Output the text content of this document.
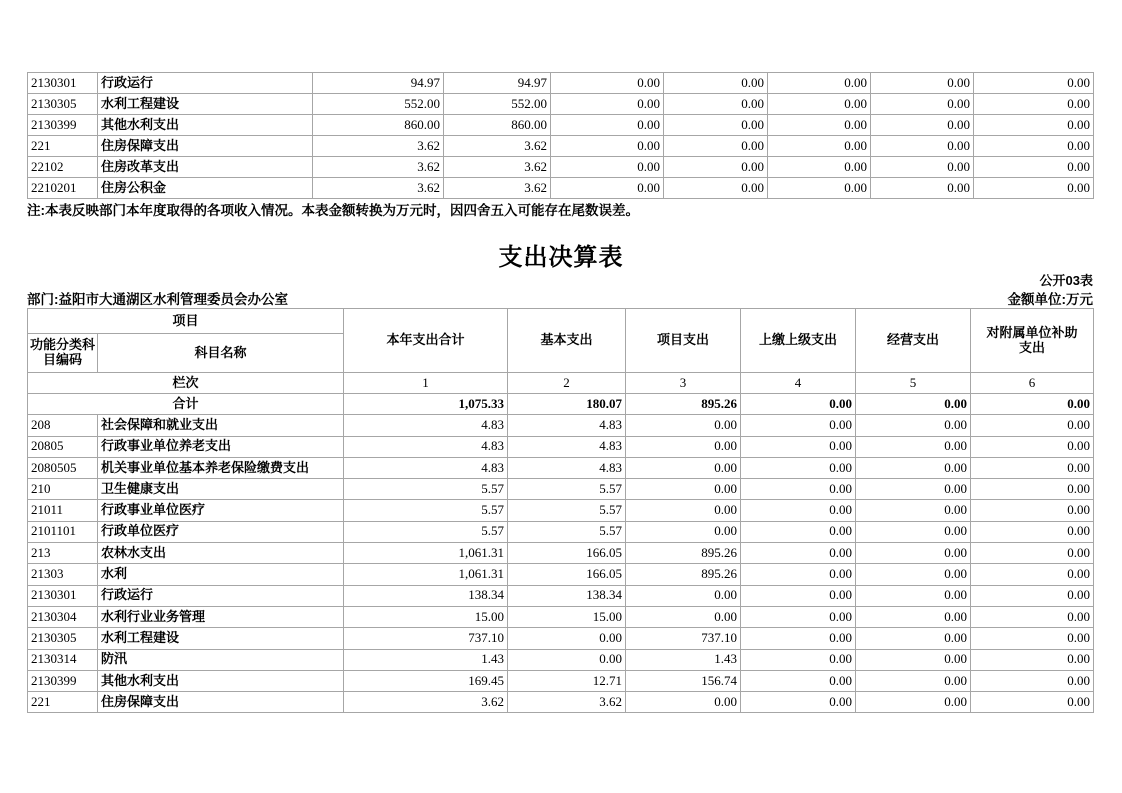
2130301	行政运行	94.97	94.97	0.00	0.00	0.00	0.00	0.00
2130305	水利工程建设	552.00	552.00	0.00	0.00	0.00	0.00	0.00
2130399	其他水利支出	860.00	860.00	0.00	0.00	0.00	0.00	0.00
221	住房保障支出	3.62	3.62	0.00	0.00	0.00	0.00	0.00
22102	住房改革支出	3.62	3.62	0.00	0.00	0.00	0.00	0.00
2210201	住房公积金	3.62	3.62	0.00	0.00	0.00	0.00	0.00
注:本表反映部门本年度取得的各项收入情况。本表金额转换为万元时，因四舍五入可能存在尾数误差。
支出决算表
公开03表
部门:益阳市大通湖区水利管理委员会办公室	金额单位:万元
项目		本年支出合计	基本支出	项目支出	上缴上级支出	经营支出	对附属单位补助支出
功能分类科目编码	科目名称						
栏次		1	2	3	4	5	6
合计		1,075.33	180.07	895.26	0.00	0.00	0.00
208	社会保障和就业支出	4.83	4.83	0.00	0.00	0.00	0.00
20805	行政事业单位养老支出	4.83	4.83	0.00	0.00	0.00	0.00
2080505	机关事业单位基本养老保险缴费支出	4.83	4.83	0.00	0.00	0.00	0.00
210	卫生健康支出	5.57	5.57	0.00	0.00	0.00	0.00
21011	行政事业单位医疗	5.57	5.57	0.00	0.00	0.00	0.00
2101101	行政单位医疗	5.57	5.57	0.00	0.00	0.00	0.00
213	农林水支出	1,061.31	166.05	895.26	0.00	0.00	0.00
21303	水利	1,061.31	166.05	895.26	0.00	0.00	0.00
2130301	行政运行	138.34	138.34	0.00	0.00	0.00	0.00
2130304	水利行业业务管理	15.00	15.00	0.00	0.00	0.00	0.00
2130305	水利工程建设	737.10	0.00	737.10	0.00	0.00	0.00
2130314	防汛	1.43	0.00	1.43	0.00	0.00	0.00
2130399	其他水利支出	169.45	12.71	156.74	0.00	0.00	0.00
221	住房保障支出	3.62	3.62	0.00	0.00	0.00	0.00
